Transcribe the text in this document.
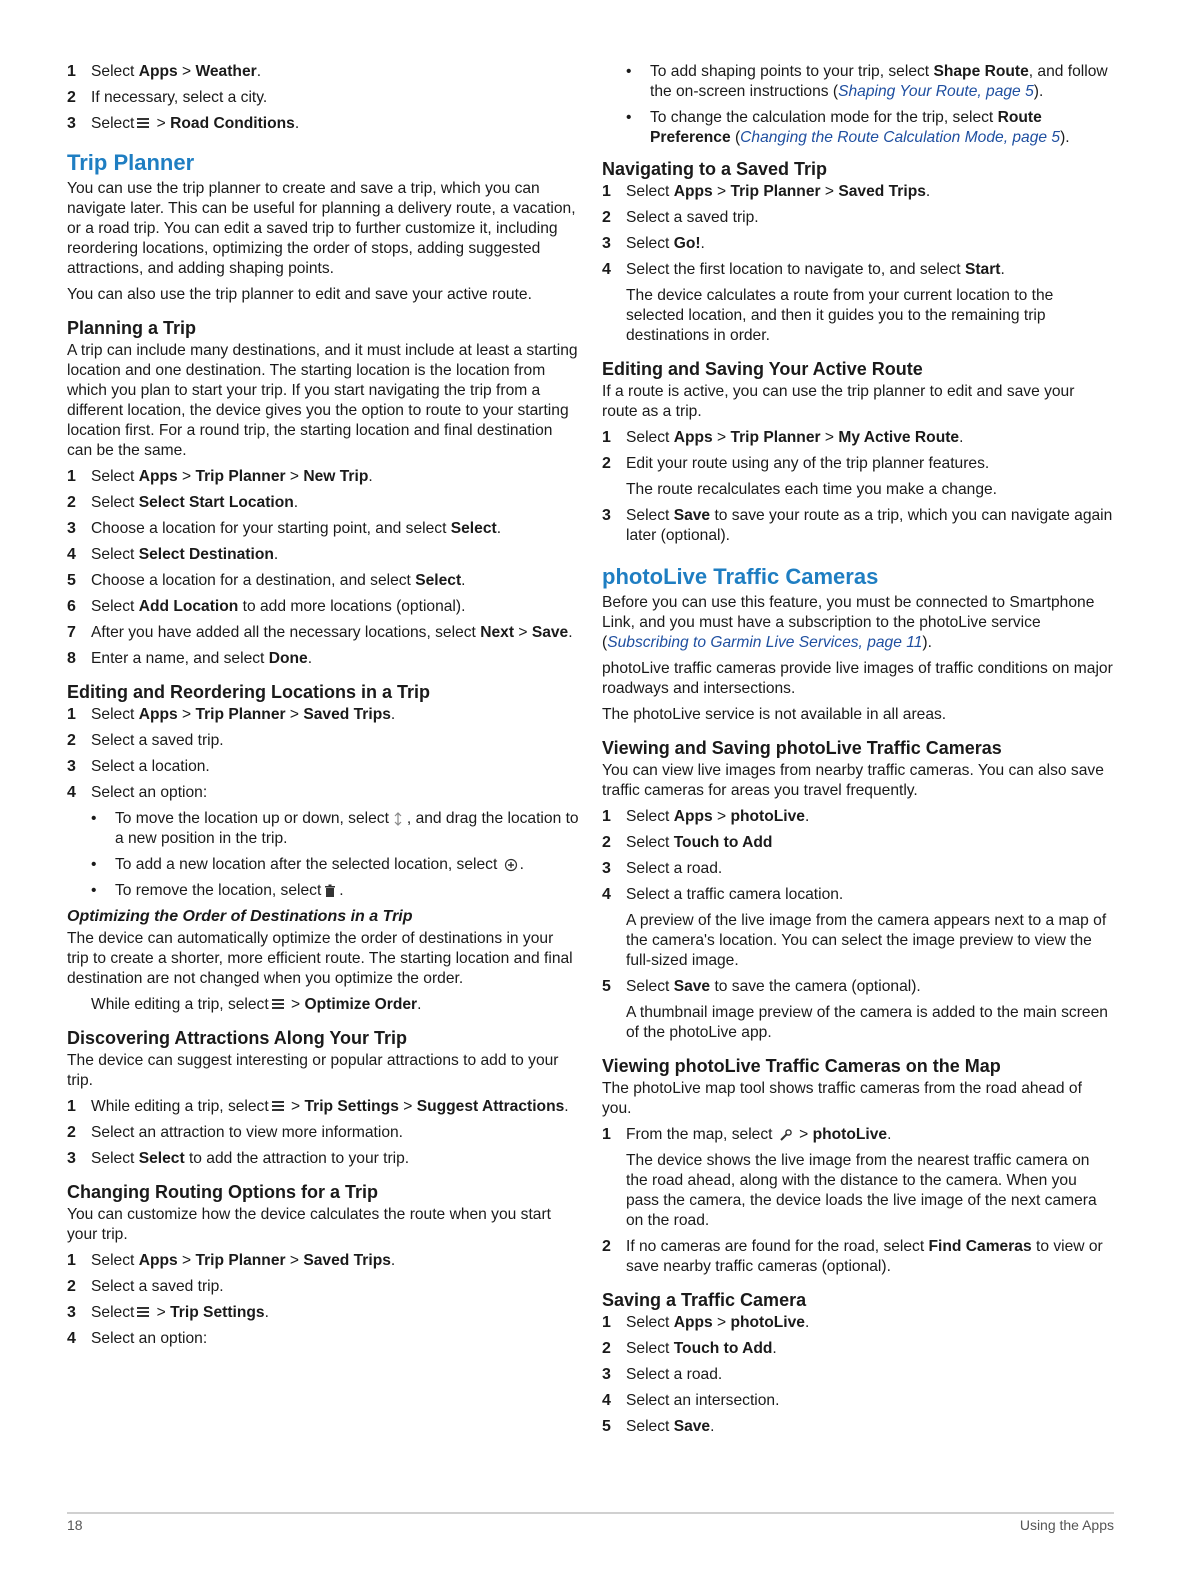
1 Select Apps > Weather.
2 If necessary, select a city.
3 Select
> Road Conditions.
Trip Planner

You can use the trip planner to create and save a trip, which you can navigate later. This can be useful for planning a delivery route, a vacation, or a road trip. You can edit a saved trip to further customize it, including reordering locations, optimizing the order of stops, adding suggested attractions, and adding shaping points.

You can also use the trip planner to edit and save your active route.

Planning a Trip

A trip can include many destinations, and it must include at least a starting location and one destination. The starting location is the location from which you plan to start your trip. If you start navigating the trip from a different location, the device gives you the option to route to your starting location first. For a round trip, the starting location and final destination can be the same.

1 Select Apps > Trip Planner > New Trip.
2 Select Select Start Location.
3 Choose a location for your starting point, and select Select.
4 Select Select Destination.
5 Choose a location for a destination, and select Select.
6 Select Add Location to add more locations (optional).
7 After you have added all the necessary locations, select Next > Save.
8 Enter a name, and select Done.
Editing and Reordering Locations in a Trip
1 Select Apps > Trip Planner > Saved Trips.
2 Select a saved trip.
3 Select a location.
4 Select an option:
•	To move the location up or down, select , and drag the location to a new position in the trip.
•	To add a new location after the selected location, select .
•	To remove the location, select .
Optimizing the Order of Destinations in a Trip

The device can automatically optimize the order of destinations in your trip to create a shorter, more efficient route. The starting location and final destination are not changed when you optimize the order.

While editing a trip, select
> Optimize Order.

Discovering Attractions Along Your Trip

The device can suggest interesting or popular attractions to add to your trip.

1 While editing a trip, select
> Trip Settings > Suggest Attractions.
2 Select an attraction to view more information.
3 Select Select to add the attraction to your trip.
Changing Routing Options for a Trip

You can customize how the device calculates the route when you start your trip.

1 Select Apps > Trip Planner > Saved Trips.
2 Select a saved trip.
3 Select
> Trip Settings.
4 Select an option:
•	To add shaping points to your trip, select Shape Route, and follow the on-screen instructions (Shaping Your Route, page 5).
•	To change the calculation mode for the trip, select Route Preference (Changing the Route Calculation Mode, page 5).
Navigating to a Saved Trip
1 Select Apps > Trip Planner > Saved Trips.
2 Select a saved trip.
3 Select Go!.
4 Select the first location to navigate to, and select Start.

The device calculates a route from your current location to the selected location, and then it guides you to the remaining trip destinations in order.

Editing and Saving Your Active Route

If a route is active, you can use the trip planner to edit and save your route as a trip.

1 Select Apps > Trip Planner > My Active Route.
2 Edit your route using any of the trip planner features.

The route recalculates each time you make a change.

3 Select Save to save your route as a trip, which you can navigate again later (optional).
photoLive Traffic Cameras

Before you can use this feature, you must be connected to Smartphone Link, and you must have a subscription to the photoLive service (Subscribing to Garmin Live Services, page 11).

photoLive traffic cameras provide live images of traffic conditions on major roadways and intersections.

The photoLive service is not available in all areas.

Viewing and Saving photoLive Traffic Cameras

You can view live images from nearby traffic cameras. You can also save traffic cameras for areas you travel frequently.

1 Select Apps > photoLive.
2 Select Touch to Add
3 Select a road.
4 Select a traffic camera location.

A preview of the live image from the camera appears next to a map of the camera's location. You can select the image preview to view the full-sized image.

5 Select Save to save the camera (optional).

A thumbnail image preview of the camera is added to the main screen of the photoLive app.

Viewing photoLive Traffic Cameras on the Map

The photoLive map tool shows traffic cameras from the road ahead of you.

1 From the map, select
> photoLive.

The device shows the live image from the nearest traffic camera on the road ahead, along with the distance to the camera. When you pass the camera, the device loads the live image of the next camera on the road.

2 If no cameras are found for the road, select Find Cameras to view or save nearby traffic cameras (optional).
Saving a Traffic Camera
1 Select Apps > photoLive.
2 Select Touch to Add.
3 Select a road.
4 Select an intersection.
5 Select Save.
18	Using the Apps
